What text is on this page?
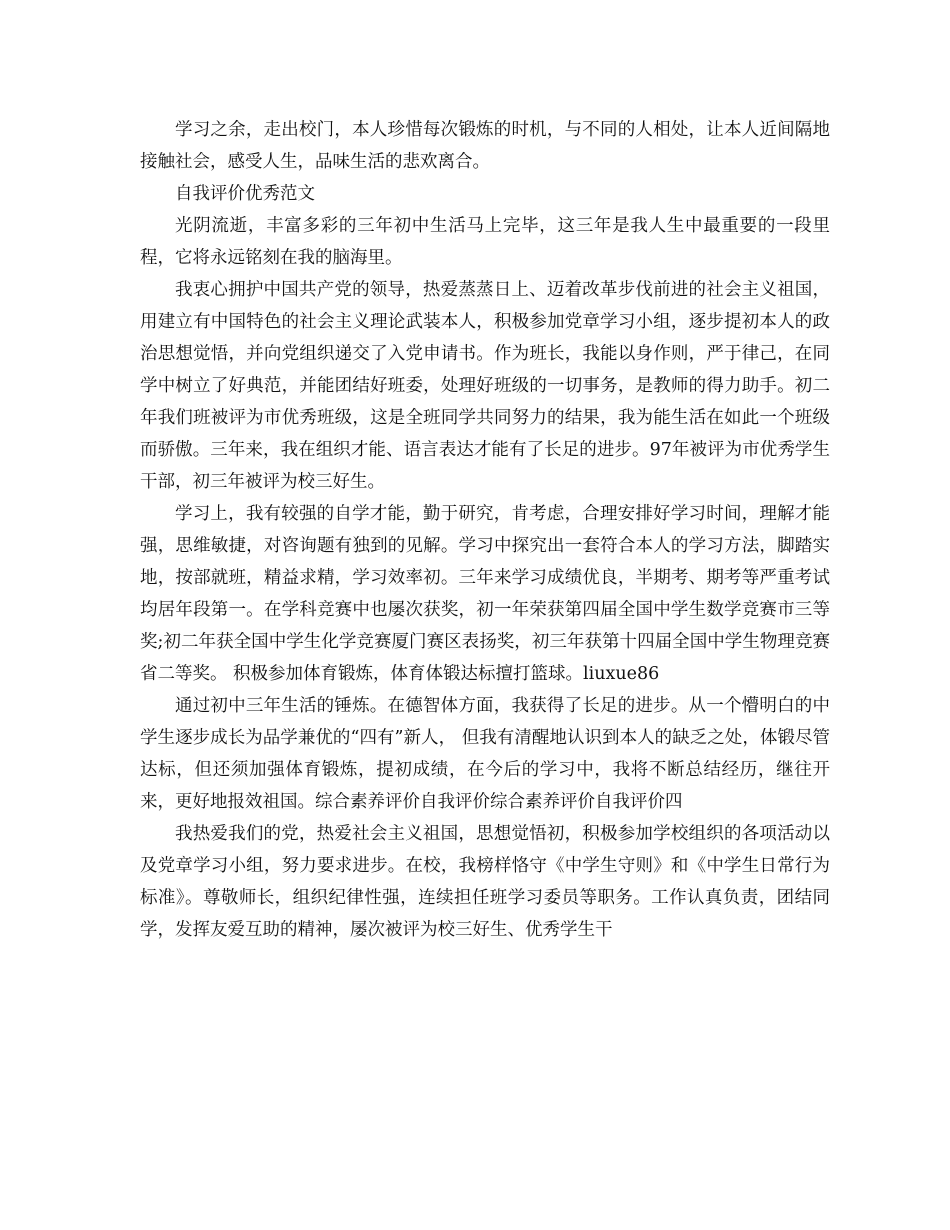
学习之余，走出校门，本人珍惜每次锻炼的时机，与不同的人相处，让本人近间隔地接触社会，感受人生，品味生活的悲欢离合。

自我评价优秀范文

光阴流逝，丰富多彩的三年初中生活马上完毕，这三年是我人生中最重要的一段里程，它将永远铭刻在我的脑海里。

我衷心拥护中国共产党的领导，热爱蒸蒸日上、迈着改革步伐前进的社会主义祖国，用建立有中国特色的社会主义理论武装本人，积极参加党章学习小组，逐步提初本人的政治思想觉悟，并向党组织递交了入党申请书。作为班长，我能以身作则，严于律己，在同学中树立了好典范，并能团结好班委，处理好班级的一切事务，是教师的得力助手。初二年我们班被评为市优秀班级，这是全班同学共同努力的结果，我为能生活在如此一个班级而骄傲。三年来，我在组织才能、语言表达才能有了长足的进步。97年被评为市优秀学生干部，初三年被评为校三好生。

学习上，我有较强的自学才能，勤于研究，肯考虑，合理安排好学习时间，理解才能强，思维敏捷，对咨询题有独到的见解。学习中探究出一套符合本人的学习方法，脚踏实地，按部就班，精益求精，学习效率初。三年来学习成绩优良，半期考、期考等严重考试均居年段第一。在学科竞赛中也屡次获奖，初一年荣获第四届全国中学生数学竞赛市三等奖;初二年获全国中学生化学竞赛厦门赛区表扬奖，初三年获第十四届全国中学生物理竞赛省二等奖。 积极参加体育锻炼，体育体锻达标擅打篮球。liuxue86

通过初中三年生活的锤炼。在德智体方面，我获得了长足的进步。从一个懵明白的中学生逐步成长为品学兼优的“四有”新人， 但我有清醒地认识到本人的缺乏之处，体锻尽管达标，但还须加强体育锻炼，提初成绩，在今后的学习中，我将不断总结经历，继往开来，更好地报效祖国。综合素养评价自我评价综合素养评价自我评价四

我热爱我们的党，热爱社会主义祖国，思想觉悟初，积极参加学校组织的各项活动以及党章学习小组，努力要求进步。在校，我榜样恪守《中学生守则》和《中学生日常行为标准》。尊敬师长，组织纪律性强，连续担任班学习委员等职务。工作认真负责，团结同学，发挥友爱互助的精神，屡次被评为校三好生、优秀学生干
